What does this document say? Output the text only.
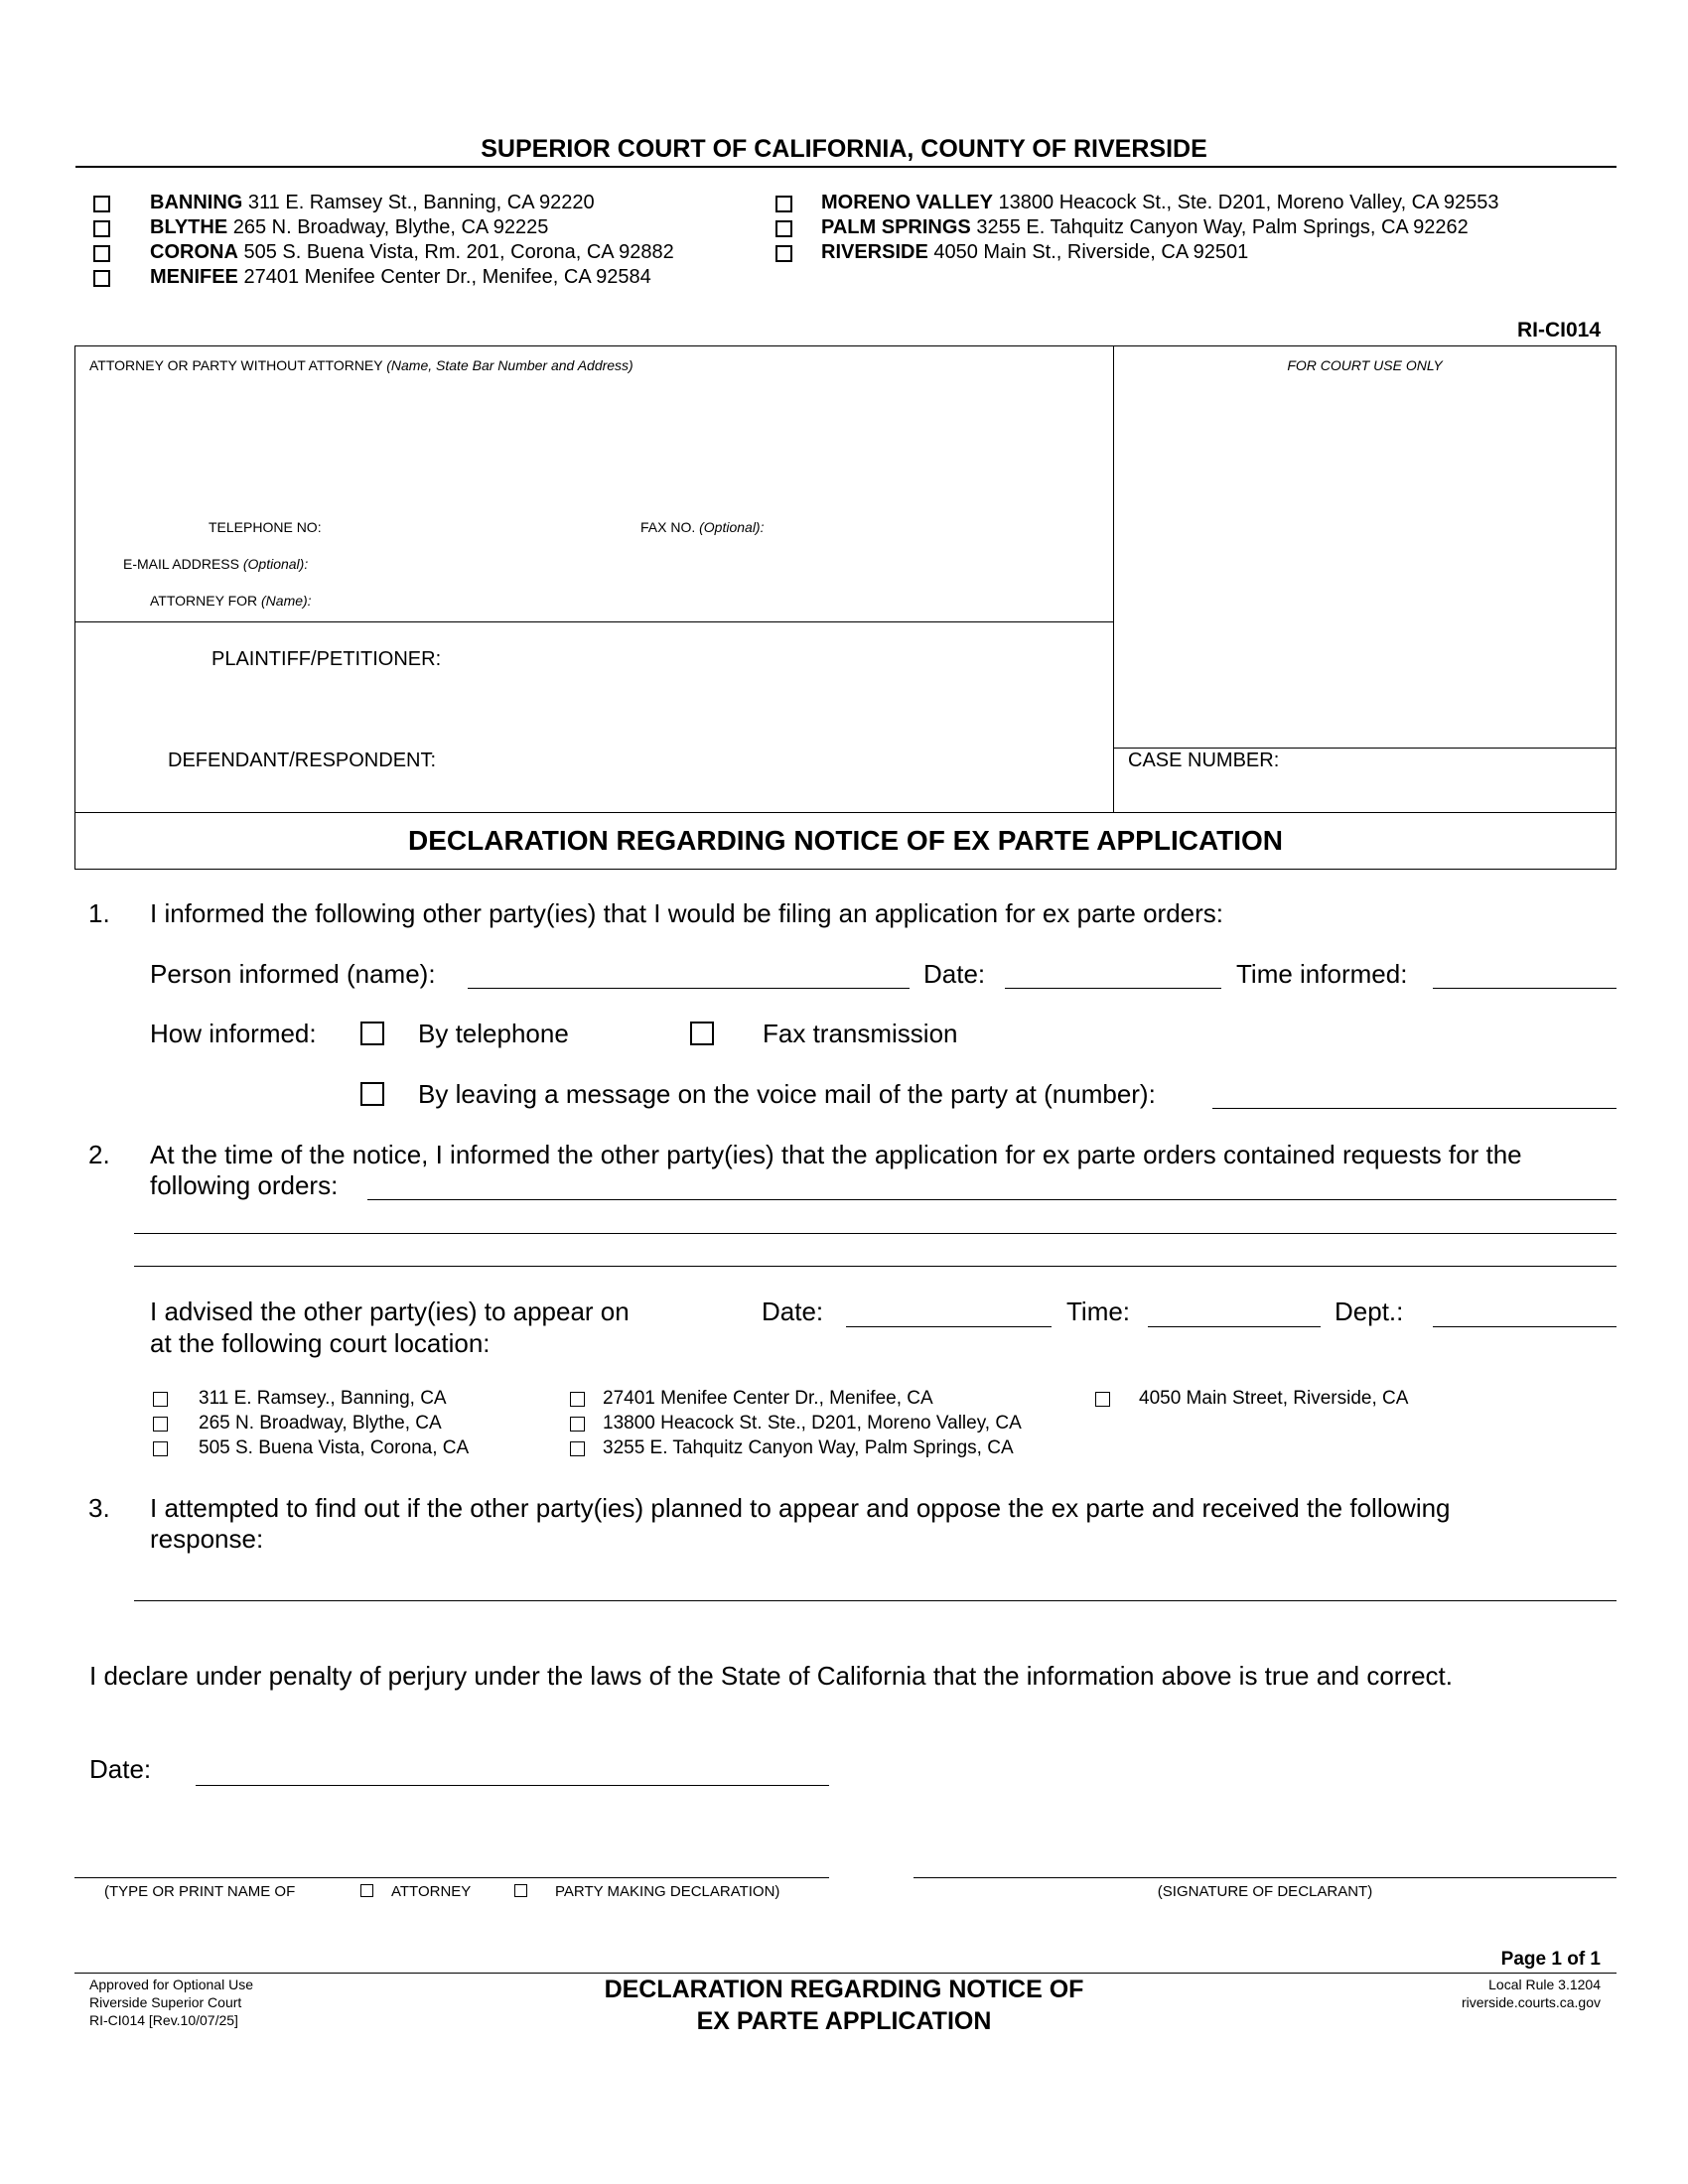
SUPERIOR COURT OF CALIFORNIA, COUNTY OF RIVERSIDE
BANNING 311 E. Ramsey St., Banning, CA 92220
BLYTHE 265 N. Broadway, Blythe, CA 92225
CORONA 505 S. Buena Vista, Rm. 201, Corona, CA 92882
MENIFEE 27401 Menifee Center Dr., Menifee, CA 92584
MORENO VALLEY 13800 Heacock St., Ste. D201, Moreno Valley, CA 92553
PALM SPRINGS 3255 E. Tahquitz Canyon Way, Palm Springs, CA 92262
RIVERSIDE 4050 Main St., Riverside, CA 92501
RI-CI014
ATTORNEY OR PARTY WITHOUT ATTORNEY (Name, State Bar Number and Address)	FOR COURT USE ONLY
TELEPHONE NO:	FAX NO. (Optional):
E-MAIL ADDRESS (Optional):
ATTORNEY FOR (Name):
PLAINTIFF/PETITIONER:
DEFENDANT/RESPONDENT:	CASE NUMBER:
DECLARATION REGARDING NOTICE OF EX PARTE APPLICATION
1. I informed the following other party(ies) that I would be filing an application for ex parte orders:
Person informed (name):	Date:	Time informed:
How informed:	By telephone	Fax transmission
By leaving a message on the voice mail of the party at (number):
2. At the time of the notice, I informed the other party(ies) that the application for ex parte orders contained requests for the
following orders:
I advised the other party(ies) to appear on
at the following court location:
Date:	Time:	Dept.:
311 E. Ramsey., Banning, CA
265 N. Broadway, Blythe, CA
505 S. Buena Vista, Corona, CA
27401 Menifee Center Dr., Menifee, CA
13800 Heacock St. Ste., D201, Moreno Valley, CA
3255 E. Tahquitz Canyon Way, Palm Springs, CA
4050 Main Street, Riverside, CA
3. I attempted to find out if the other party(ies) planned to appear and oppose the ex parte and received the following
response:
I declare under penalty of perjury under the laws of the State of California that the information above is true and correct.
Date:
(TYPE OR PRINT NAME OF	ATTORNEY	PARTY MAKING DECLARATION)	(SIGNATURE OF DECLARANT)
Page 1 of 1
Approved for Optional Use
Riverside Superior Court
RI-CI014 [Rev.10/07/25]
DECLARATION REGARDING NOTICE OF
EX PARTE APPLICATION
Local Rule 3.1204
riverside.courts.ca.gov
